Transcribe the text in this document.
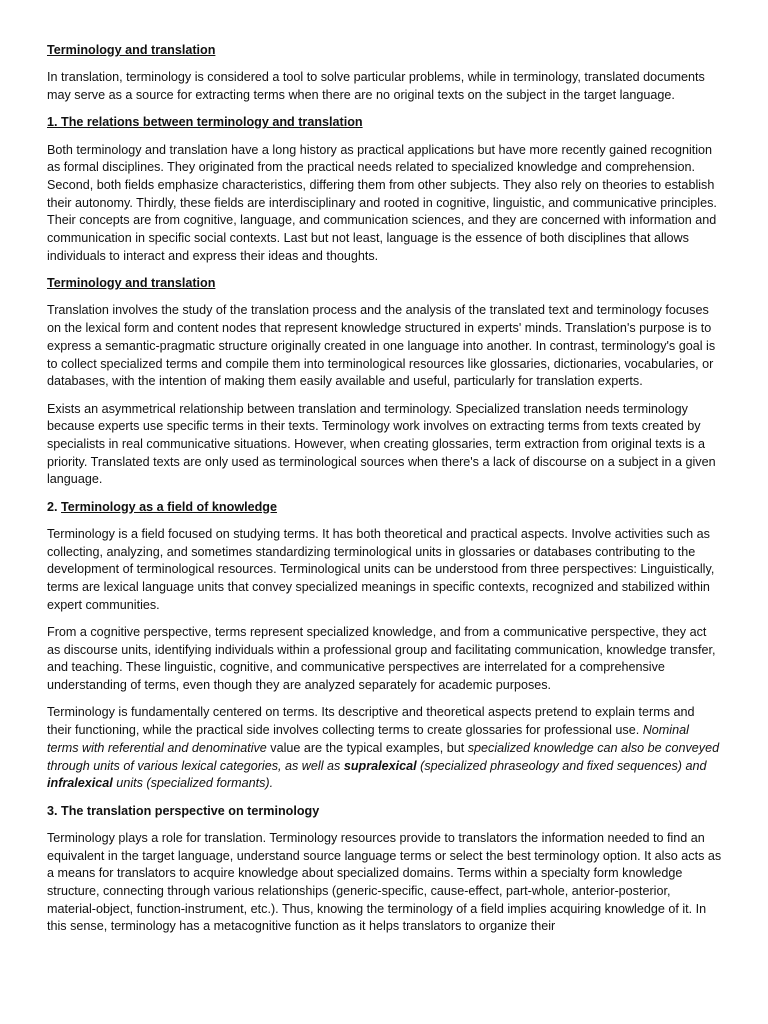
Terminology and translation

In translation, terminology is considered a tool to solve particular problems, while in terminology, translated documents may serve as a source for extracting terms when there are no original texts on the subject in the target language.

1. The relations between terminology and translation

Both terminology and translation have a long history as practical applications but have more recently gained recognition as formal disciplines. They originated from the practical needs related to specialized knowledge and comprehension. Second, both fields emphasize characteristics, differing them from other subjects. They also rely on theories to establish their autonomy. Thirdly, these fields are interdisciplinary and rooted in cognitive, linguistic, and communicative principles. Their concepts are from cognitive, language, and communication sciences, and they are concerned with information and communication in specific social contexts. Last but not least, language is the essence of both disciplines that allows individuals to interact and express their ideas and thoughts.

Terminology and translation

Translation involves the study of the translation process and the analysis of the translated text and terminology focuses on the lexical form and content nodes that represent knowledge structured in experts' minds. Translation's purpose is to express a semantic-pragmatic structure originally created in one language into another. In contrast, terminology's goal is to collect specialized terms and compile them into terminological resources like glossaries, dictionaries, vocabularies, or databases, with the intention of making them easily available and useful, particularly for translation experts.

Exists an asymmetrical relationship between translation and terminology. Specialized translation needs terminology because experts use specific terms in their texts. Terminology work involves on extracting terms from texts created by specialists in real communicative situations. However, when creating glossaries, term extraction from original texts is a priority. Translated texts are only used as terminological sources when there's a lack of discourse on a subject in a given language.

2. Terminology as a field of knowledge

Terminology is a field focused on studying terms. It has both theoretical and practical aspects. Involve activities such as collecting, analyzing, and sometimes standardizing terminological units in glossaries or databases contributing to the development of terminological resources. Terminological units can be understood from three perspectives: Linguistically, terms are lexical language units that convey specialized meanings in specific contexts, recognized and stabilized within expert communities.

From a cognitive perspective, terms represent specialized knowledge, and from a communicative perspective, they act as discourse units, identifying individuals within a professional group and facilitating communication, knowledge transfer, and teaching. These linguistic, cognitive, and communicative perspectives are interrelated for a comprehensive understanding of terms, even though they are analyzed separately for academic purposes.

Terminology is fundamentally centered on terms. Its descriptive and theoretical aspects pretend to explain terms and their functioning, while the practical side involves collecting terms to create glossaries for professional use. Nominal terms with referential and denominative value are the typical examples, but specialized knowledge can also be conveyed through units of various lexical categories, as well as supralexical (specialized phraseology and fixed sequences) and infralexical units (specialized formants).

3. The translation perspective on terminology

Terminology plays a role for translation. Terminology resources provide to translators the information needed to find an equivalent in the target language, understand source language terms or select the best terminology option. It also acts as a means for translators to acquire knowledge about specialized domains. Terms within a specialty form knowledge structure, connecting through various relationships (generic-specific, cause-effect, part-whole, anterior-posterior, material-object, function-instrument, etc.). Thus, knowing the terminology of a field implies acquiring knowledge of it. In this sense, terminology has a metacognitive function as it helps translators to organize their
